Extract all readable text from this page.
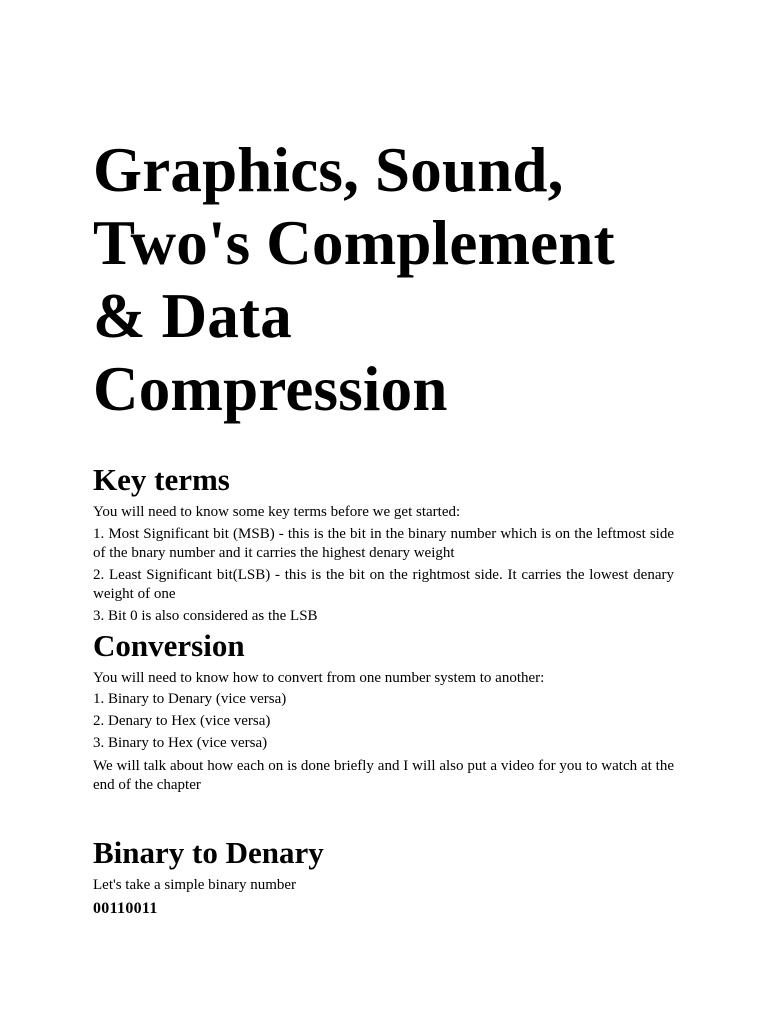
Graphics, Sound,
Two's Complement
& Data
Compression
Key terms

You will need to know some key terms before we get started:

1. Most Significant bit (MSB) - this is the bit in the binary number which is on the leftmost side of the bnary number and it carries the highest denary weight

2. Least Significant bit(LSB) - this is the bit on the rightmost side. It carries the lowest denary weight of one

3. Bit 0 is also considered as the LSB

Conversion

You will need to know how to convert from one number system to another:

1. Binary to Denary (vice versa)

2. Denary to Hex (vice versa)

3. Binary to Hex (vice versa)

We will talk about how each on is done briefly and I will also put a video for you to watch at the end of the chapter

Binary to Denary

Let's take a simple binary number

00110011
